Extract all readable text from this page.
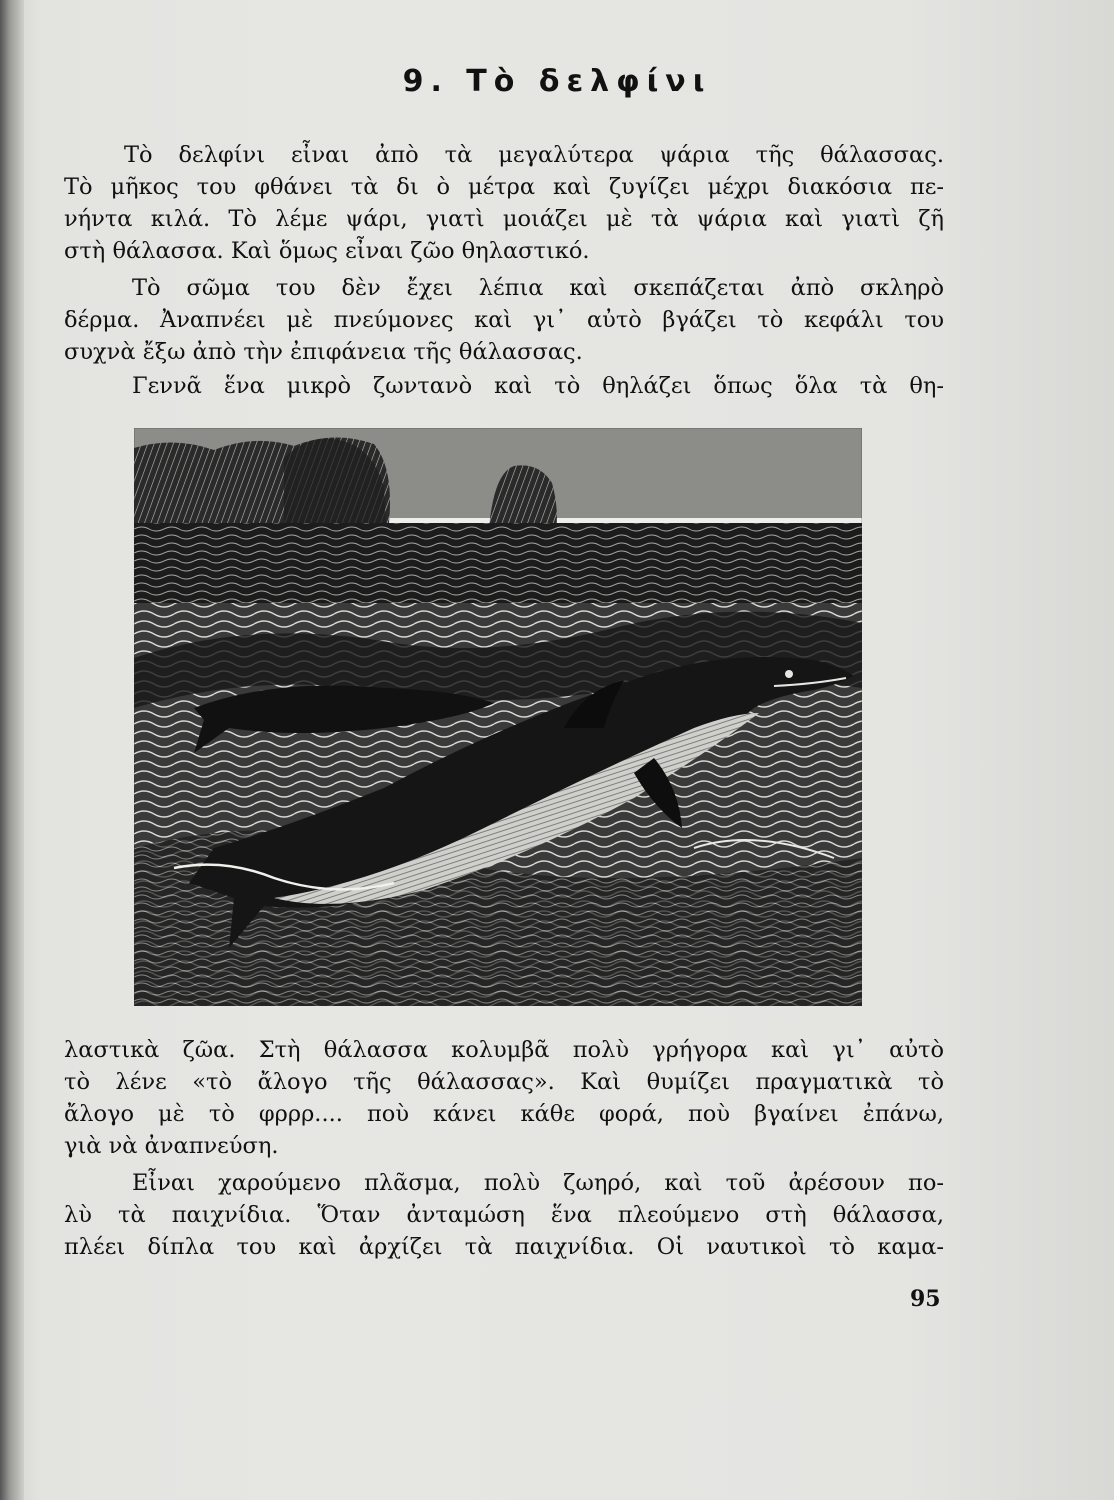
9. Τὸ δελφίνι
Τὸ δελφίνι εἶναι ἀπὸ τὰ μεγαλύτερα ψάρια τῆς θάλασσας.
Τὸ μῆκος του φθάνει τὰ δι ὸ μέτρα καὶ ζυγίζει μέχρι διακόσια πε-
νήντα κιλά. Τὸ λέμε ψάρι, γιατὶ μοιάζει μὲ τὰ ψάρια καὶ γιατὶ ζῆ
στὴ θάλασσα. Καὶ ὅμως εἶναι ζῶο θηλαστικό.
Τὸ σῶμα του δὲν ἔχει λέπια καὶ σκεπάζεται ἀπὸ σκληρὸ
δέρμα. Ἀναπνέει μὲ πνεύμονες καὶ γι᾿ αὐτὸ βγάζει τὸ κεφάλι του
συχνὰ ἔξω ἀπὸ τὴν ἐπιφάνεια τῆς θάλασσας.
Γεννᾶ ἕνα μικρὸ ζωντανὸ καὶ τὸ θηλάζει ὅπως ὅλα τὰ θη-
λαστικὰ ζῶα. Στὴ θάλασσα κολυμβᾶ πολὺ γρήγορα καὶ γι᾿ αὐτὸ
τὸ λένε «τὸ ἄλογο τῆς θάλασσας». Καὶ θυμίζει πραγματικὰ τὸ
ἄλογο μὲ τὸ φρρρ.... ποὺ κάνει κάθε φορά, ποὺ βγαίνει ἐπάνω,
γιὰ νὰ ἀναπνεύση.
Εἶναι χαρούμενο πλᾶσμα, πολὺ ζωηρό, καὶ τοῦ ἀρέσουν πο-
λὺ τὰ παιχνίδια. Ὅταν ἀνταμώση ἕνα πλεούμενο στὴ θάλασσα,
πλέει δίπλα του καὶ ἀρχίζει τὰ παιχνίδια. Οἱ ναυτικοὶ τὸ καμα-
95
